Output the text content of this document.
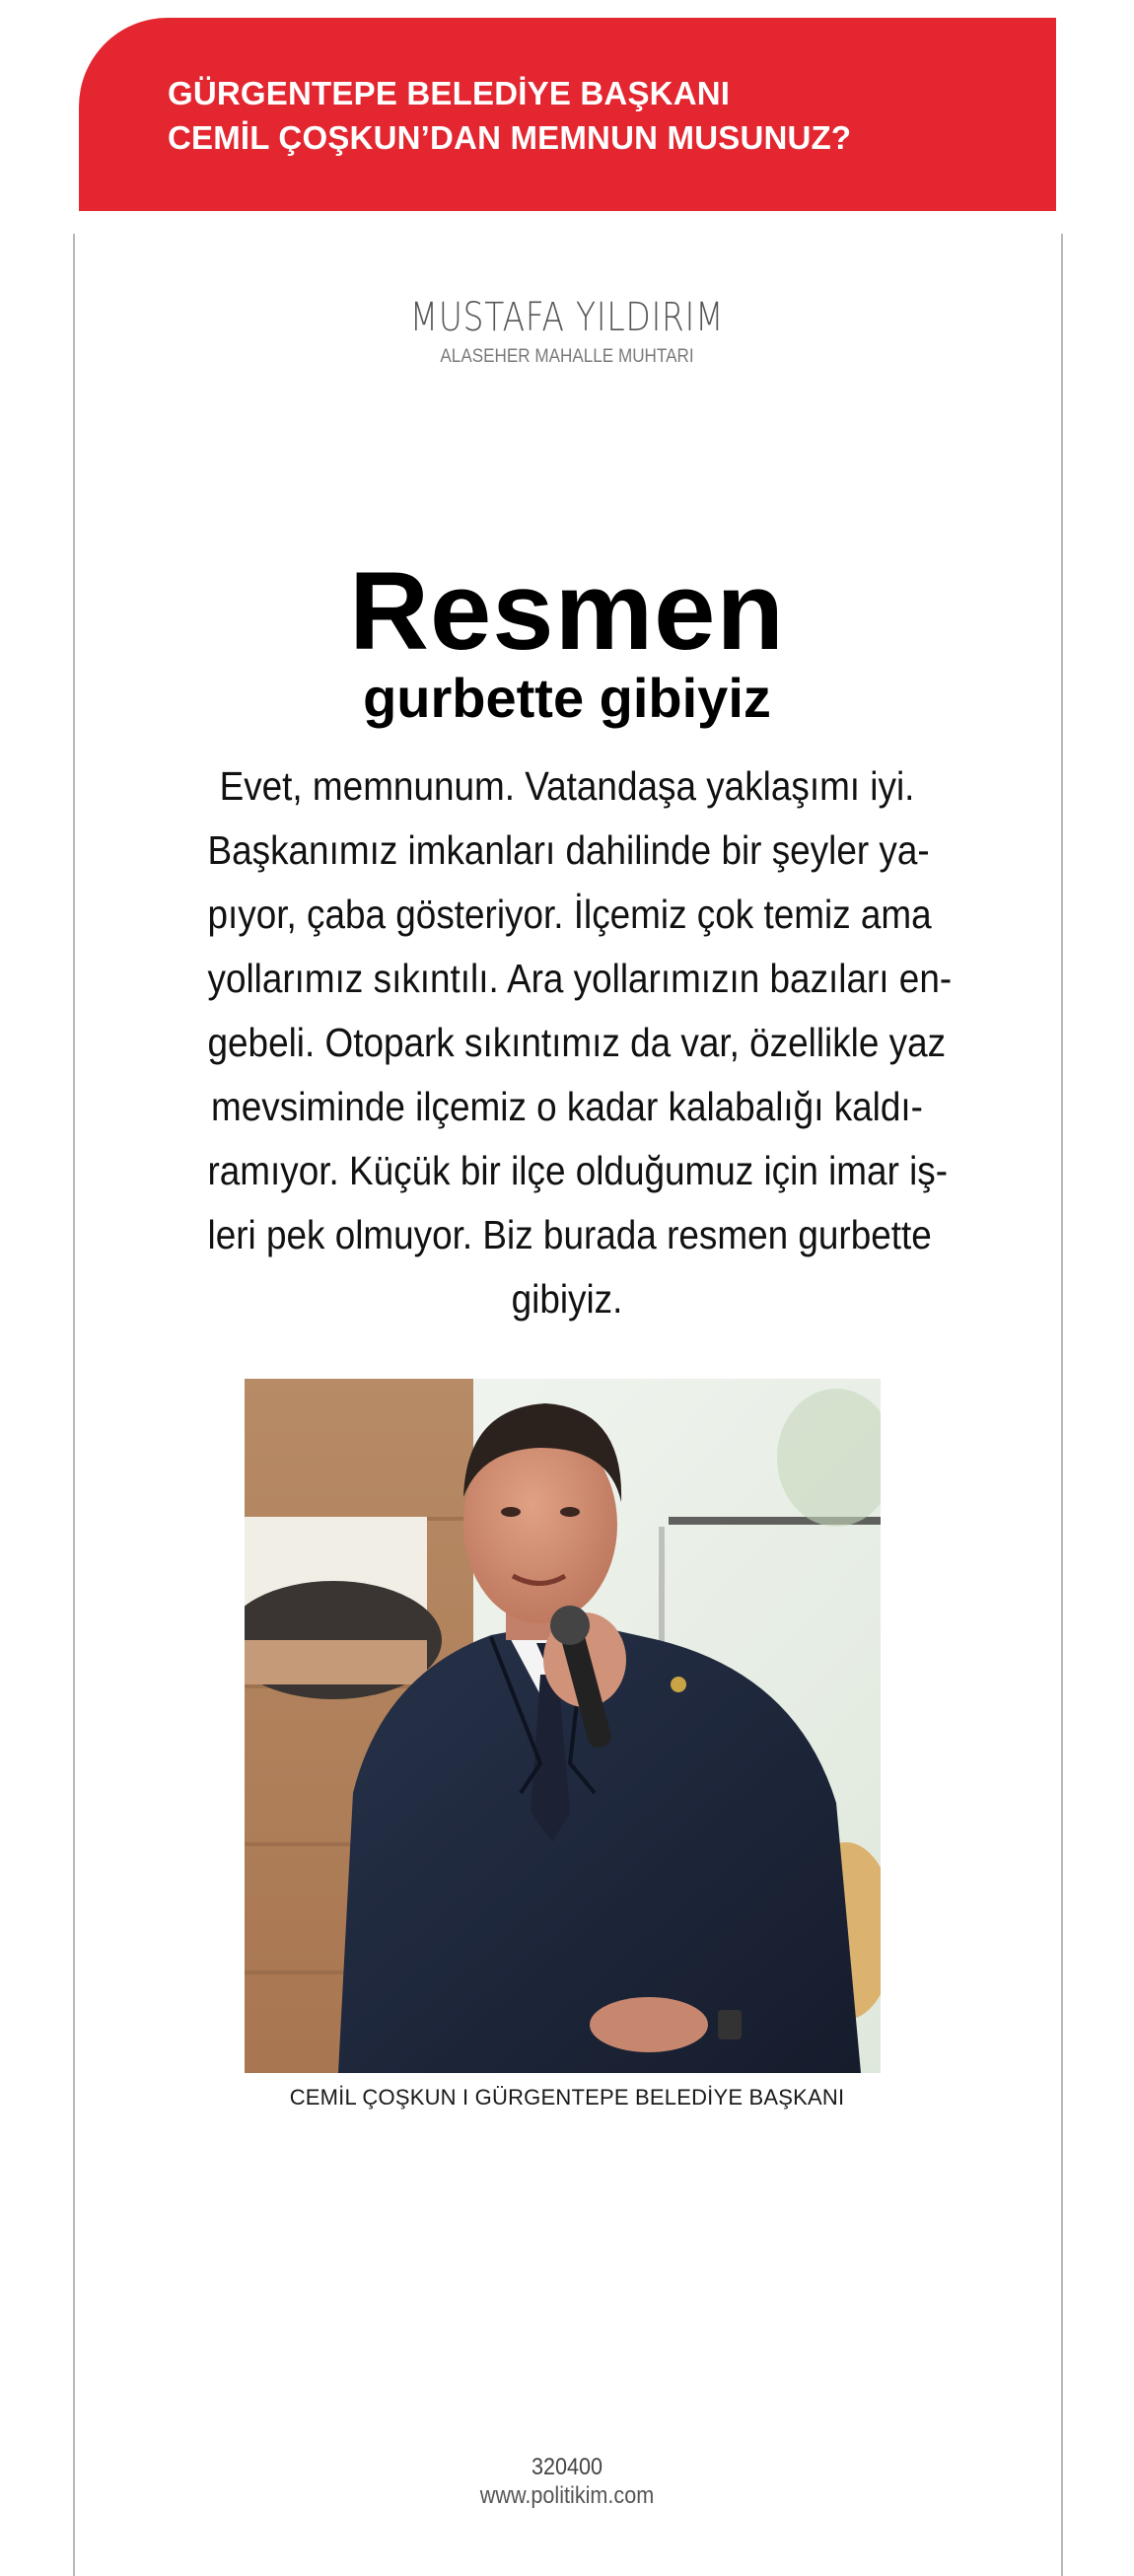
GÜRGENTEPE BELEDİYE BAŞKANI
CEMİL ÇOŞKUN’DAN MEMNUN MUSUNUZ?
MUSTAFA YILDIRIM
ALASEHER MAHALLE MUHTARI
Resmen
gurbette gibiyiz
Evet, memnunum. Vatandaşa yaklaşımı iyi.
Başkanımız imkanları dahilinde bir şeyler ya-
pıyor, çaba gösteriyor. İlçemiz çok temiz ama
yollarımız sıkıntılı. Ara yollarımızın bazıları en-
gebeli. Otopark sıkıntımız da var, özellikle yaz
mevsiminde ilçemiz o kadar kalabalığı kaldı-
ramıyor. Küçük bir ilçe olduğumuz için imar iş-
leri pek olmuyor. Biz burada resmen gurbette
gibiyiz.
CEMİL ÇOŞKUN I GÜRGENTEPE BELEDİYE BAŞKANI
320400
www.politikim.com
